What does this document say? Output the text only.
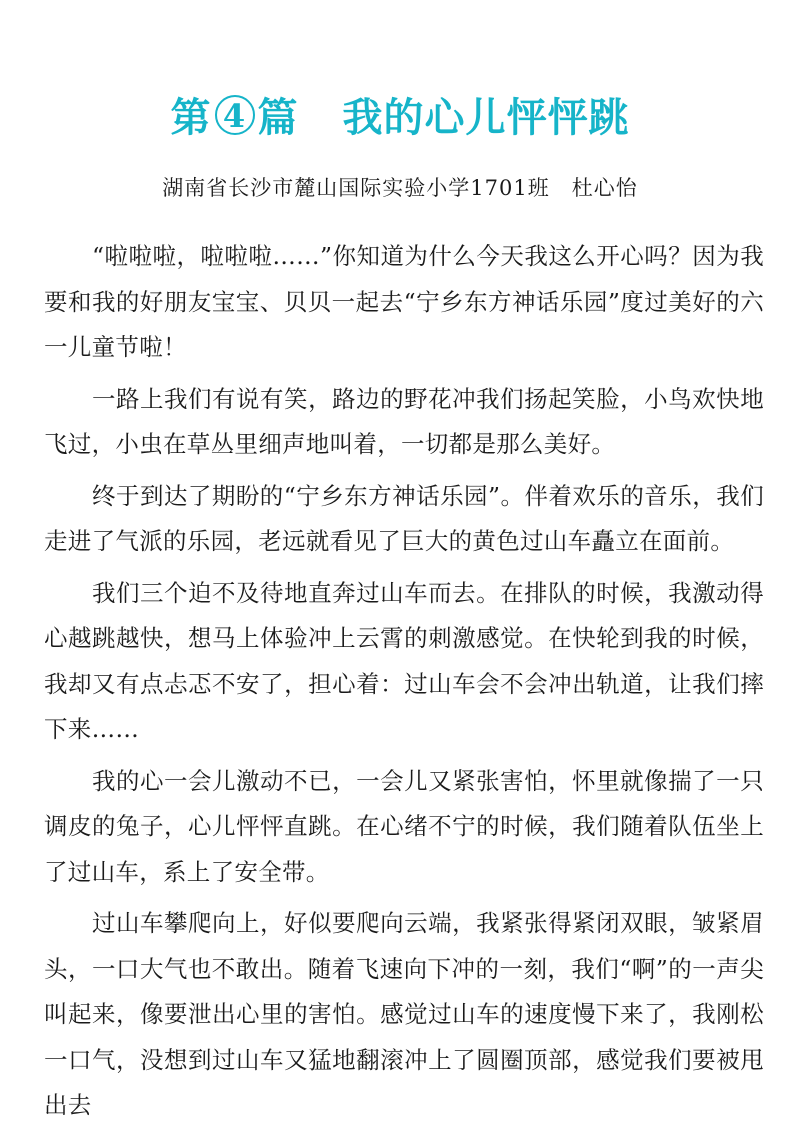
第 4 篇 我的心儿怦怦跳
湖南省长沙市麓山国际实验小学1701班 杜心怡

“啦啦啦，啦啦啦……”你知道为什么今天我这么开心吗？因为我要和我的好朋友宝宝、贝贝一起去“宁乡东方神话乐园”度过美好的六一儿童节啦！

一路上我们有说有笑，路边的野花冲我们扬起笑脸，小鸟欢快地飞过，小虫在草丛里细声地叫着，一切都是那么美好。

终于到达了期盼的“宁乡东方神话乐园”。伴着欢乐的音乐，我们走进了气派的乐园，老远就看见了巨大的黄色过山车矗立在面前。

我们三个迫不及待地直奔过山车而去。在排队的时候，我激动得心越跳越快，想马上体验冲上云霄的刺激感觉。在快轮到我的时候，我却又有点忐忑不安了，担心着：过山车会不会冲出轨道，让我们摔下来……

我的心一会儿激动不已，一会儿又紧张害怕，怀里就像揣了一只调皮的兔子，心儿怦怦直跳。在心绪不宁的时候，我们随着队伍坐上了过山车，系上了安全带。

过山车攀爬向上，好似要爬向云端，我紧张得紧闭双眼，皱紧眉头，一口大气也不敢出。随着飞速向下冲的一刻，我们“啊”的一声尖叫起来，像要泄出心里的害怕。感觉过山车的速度慢下来了，我刚松一口气，没想到过山车又猛地翻滚冲上了圆圈顶部，感觉我们要被甩出去
